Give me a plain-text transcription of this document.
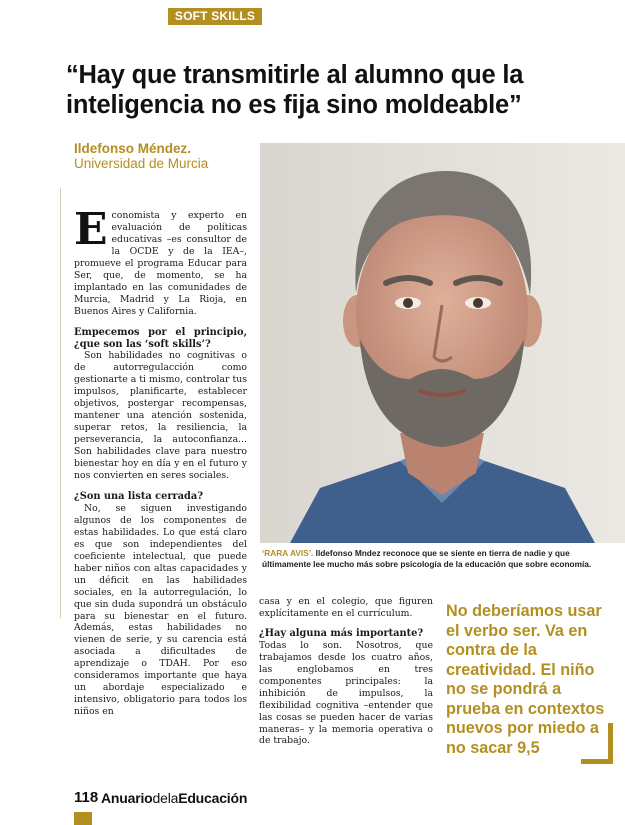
SOFT SKILLS
“Hay que transmitirle al alumno que la inteligencia no es fija sino moldeable”
Ildefonso Méndez.
Universidad de Murcia
‘RARA AVIS’. Ildefonso Mndez reconoce que se siente en tierra de nadie y que últimamente lee mucho más sobre psicología de la educación que sobre economía.

Economista y experto en evaluación de políticas educativas –es consultor de la OCDE y de la IEA–, promueve el programa Educar para Ser, que, de momento, se ha implantado en las comunidades de Murcia, Madrid y La Rioja, en Buenos Aires y California.

Empecemos por el principio, ¿que son las ‘soft skills’?

Son habilidades no cognitivas o de autorregulacción como gestionarte a ti mismo, controlar tus impulsos, planificarte, establecer objetivos, postergar recompensas, mantener una atención sostenida, superar retos, la resiliencia, la perseverancia, la autoconfianza... Son habilidades clave para nuestro bienestar hoy en día y en el futuro y nos convierten en seres sociales.

¿Son una lista cerrada?

No, se siguen investigando algunos de los componentes de estas habilidades. Lo que está claro es que son independientes del coeficiente intelectual, que puede haber niños con altas capacidades y un déficit en las habilidades sociales, en la autorregulación, lo que sin duda supondrá un obstáculo para su bienestar en el futuro. Además, estas habilidades no vienen de serie, y su carencia está asociada a dificultades de aprendizaje o TDAH. Por eso consideramos importante que haya un abordaje especializado e intensivo, obligatorio para todos los niños en

casa y en el colegio, que figuren explícitamente en el currículum.

¿Hay alguna más importante?

Todas lo son. Nosotros, que trabajamos desde los cuatro años, las englobamos en tres componentes principales: la inhibición de impulsos, la flexibilidad cognitiva –entender que las cosas se pueden hacer de varias maneras– y la memoria operativa o de trabajo.

No deberíamos usar el verbo ser. Va en contra de la creatividad. El niño no se pondrá a prueba en contextos nuevos por miedo a no sacar 9,5
118 AnuariodelaEducación
